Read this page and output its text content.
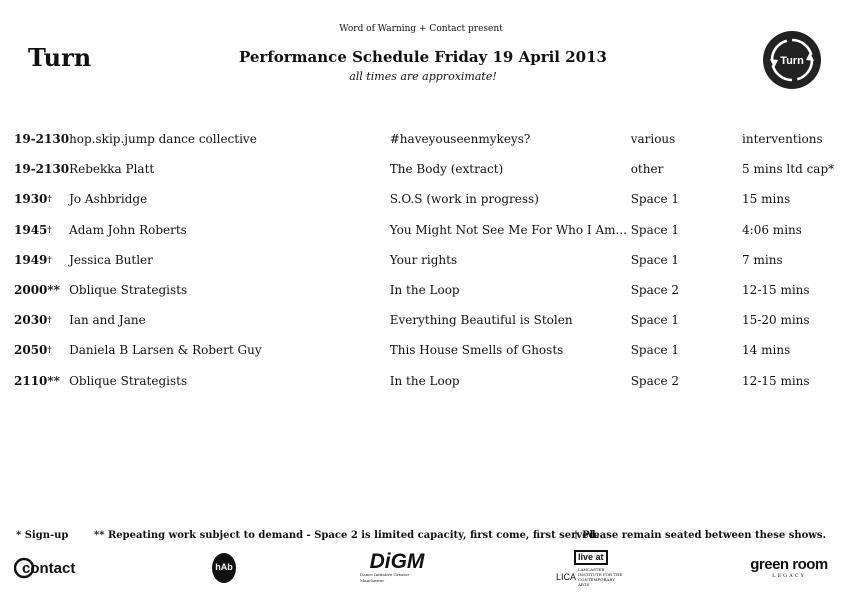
Word of Warning + Contact present
Turn	Performance Schedule Friday 19 April 2013
all times are approximate!
Turn
19-2130	hop.skip.jump dance collective	#haveyouseenmykeys?	various	interventions
19-2130	Rebekka Platt	The Body (extract)	other	5 mins ltd cap*
1930†	Jo Ashbridge	S.O.S (work in progress)	Space 1	15 mins
1945†	Adam John Roberts	You Might Not See Me For Who I Am...	Space 1	4:06 mins
1949†	Jessica Butler	Your rights	Space 1	7 mins
2000**	Oblique Strategists	In the Loop	Space 2	12-15 mins
2030†	Ian and Jane	Everything Beautiful is Stolen	Space 1	15-20 mins
2050†	Daniela B Larsen & Robert Guy	This House Smells of Ghosts	Space 1	14 mins
2110**	Oblique Strategists	In the Loop	Space 2	12-15 mins
* Sign-up	** Repeating work subject to demand - Space 2 is limited capacity, first come, first served.
† Please remain seated between these shows.
contact	hAb	DiGM
Dance Initiative Greater Manchester
live at
LICA
LANCASTER INSTITUTE FOR THE CONTEMPORARY ARTS
green room
LEGACY
